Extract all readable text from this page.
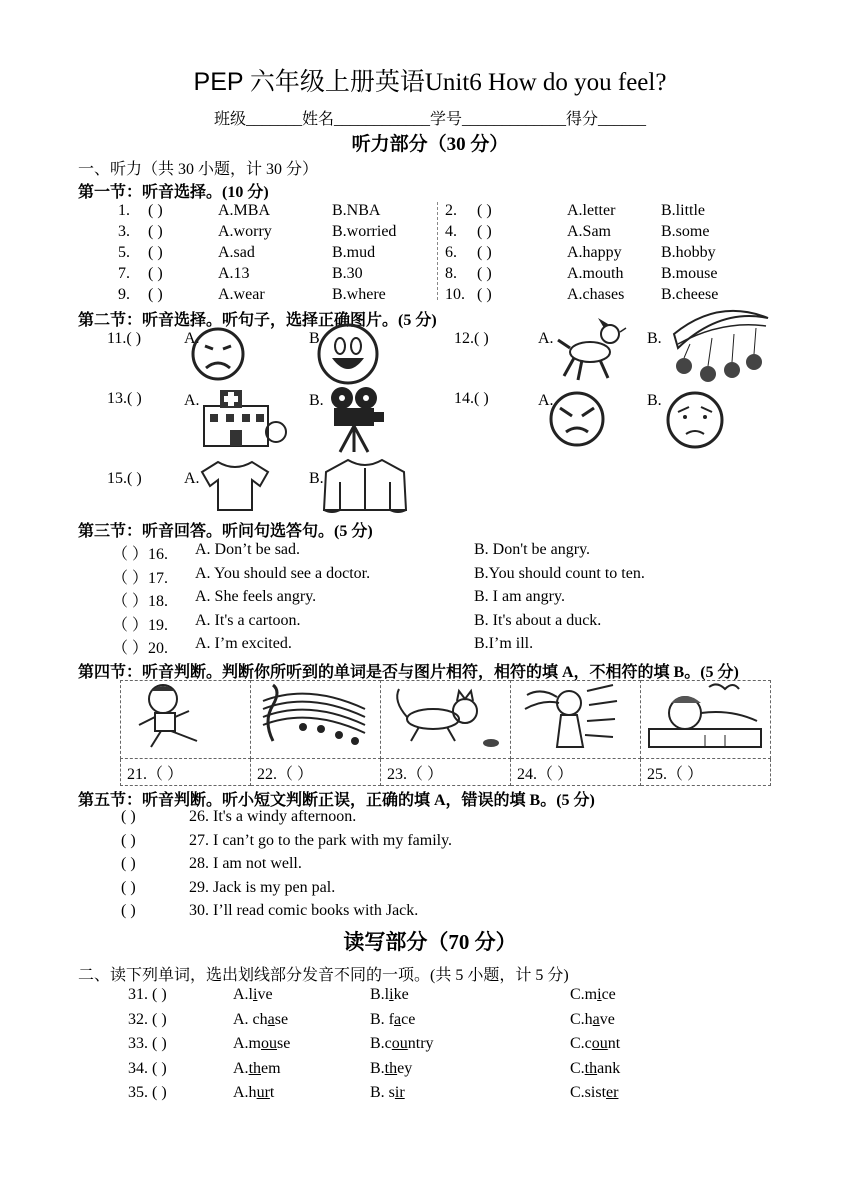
PEP 六年级上册英语Unit6 How do you feel?
班级_______姓名____________学号_____________得分______
听力部分（30 分）
一、听力（共 30 小题，计 30 分）
第一节：听音选择。(10 分)
1. ( )	A.MBA	B.NBA	2. ( )	A.letter	B.little
3. ( )	A.worry	B.worried	4. ( )	A.Sam	B.some
5. ( )	A.sad	B.mud	6. ( )	A.happy B.hobby
7. ( )	A.13	B.30	8. ( )	A.mouth B.mouse
9. ( )	A.wear	B.where	10. ( )	A.chases B.cheese
第二节：听音选择。听句子，选择正确图片。(5 分)
11.( )	A.	B.	12.( )	A.	B.
13.( )	A.	B.	14.( )	A.	B.
15.( )	A.	B.
第三节：听音回答。听问句选答句。(5 分)
（ ）16. A. Don’t be sad.	B. Don't be angry.
（ ）17. A. You should see a doctor.	B.You should count to ten.
（ ）18. A. She feels angry.	B. I am angry.
（ ）19. A. It's a cartoon.	B. It's about a duck.
（ ）20. A. I’m excited.	B.I’m ill.
第四节：听音判断。判断你所听到的单词是否与图片相符，相符的填 A，不相符的填 B。(5 分)

21.（ ）	22.（ ）	23.（ ）	24.（ ）	25.（ ）
第五节：听音判断。听小短文判断正误，正确的填 A，错误的填 B。(5 分)
( )	26. It's a windy afternoon.
( )	27. I can’t go to the park with my family.
( )	28. I am not well.
( )	29. Jack is my pen pal.
( )	30. I’ll read comic books with Jack.
读写部分（70 分）
二、读下列单词，选出划线部分发音不同的一项。(共 5 小题，计 5 分)
31. ( )	A.live	B.like	C.mice
32. ( )	A. chase	B. face	C.have
33. ( )	A.mouse	B.country	C.count
34. ( )	A.them	B.they	C.thank
35. ( )	A.hurt	B. sir	C.sister
